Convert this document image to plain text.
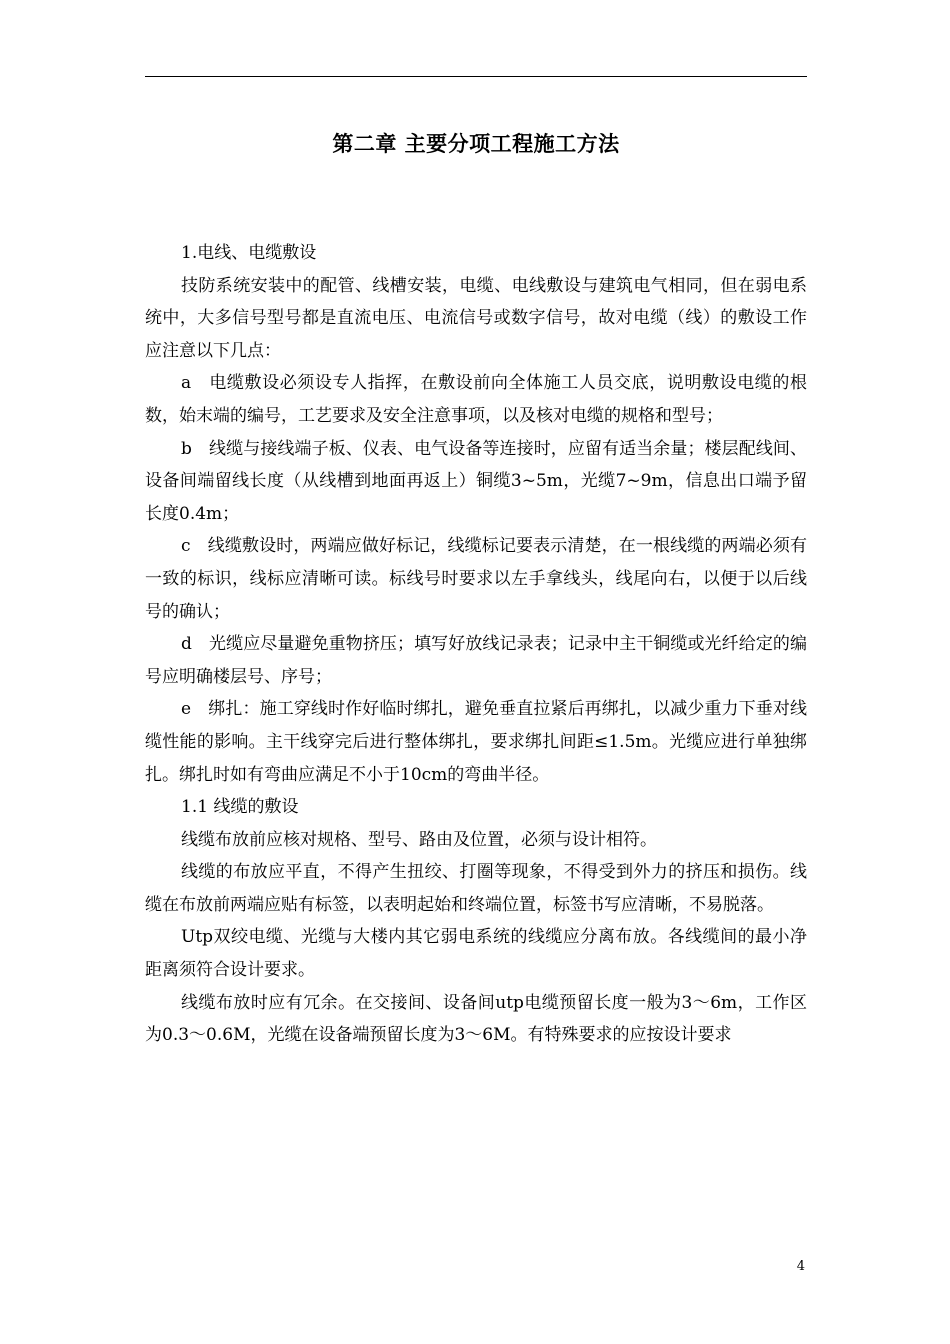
第二章 主要分项工程施工方法

1.电线、电缆敷设

技防系统安装中的配管、线槽安装，电缆、电线敷设与建筑电气相同，但在弱电系统中，大多信号型号都是直流电压、电流信号或数字信号，故对电缆（线）的敷设工作应注意以下几点：

a　电缆敷设必须设专人指挥，在敷设前向全体施工人员交底，说明敷设电缆的根数，始末端的编号，工艺要求及安全注意事项，以及核对电缆的规格和型号；

b　线缆与接线端子板、仪表、电气设备等连接时，应留有适当余量；楼层配线间、设备间端留线长度（从线槽到地面再返上）铜缆3~5m，光缆7~9m，信息出口端予留长度0.4m；

c　线缆敷设时，两端应做好标记，线缆标记要表示清楚，在一根线缆的两端必须有一致的标识，线标应清晰可读。标线号时要求以左手拿线头，线尾向右，以便于以后线号的确认；

d　光缆应尽量避免重物挤压；填写好放线记录表；记录中主干铜缆或光纤给定的编号应明确楼层号、序号；

e　绑扎：施工穿线时作好临时绑扎，避免垂直拉紧后再绑扎，以减少重力下垂对线缆性能的影响。主干线穿完后进行整体绑扎，要求绑扎间距≤1.5m。光缆应进行单独绑扎。绑扎时如有弯曲应满足不小于10cm的弯曲半径。

1.1 线缆的敷设

线缆布放前应核对规格、型号、路由及位置，必须与设计相符。

线缆的布放应平直，不得产生扭绞、打圈等现象，不得受到外力的挤压和损伤。线缆在布放前两端应贴有标签，以表明起始和终端位置，标签书写应清晰，不易脱落。

Utp双绞电缆、光缆与大楼内其它弱电系统的线缆应分离布放。各线缆间的最小净距离须符合设计要求。

线缆布放时应有冗余。在交接间、设备间utp电缆预留长度一般为3～6m，工作区为0.3～0.6M，光缆在设备端预留长度为3～6M。有特殊要求的应按设计要求

4
